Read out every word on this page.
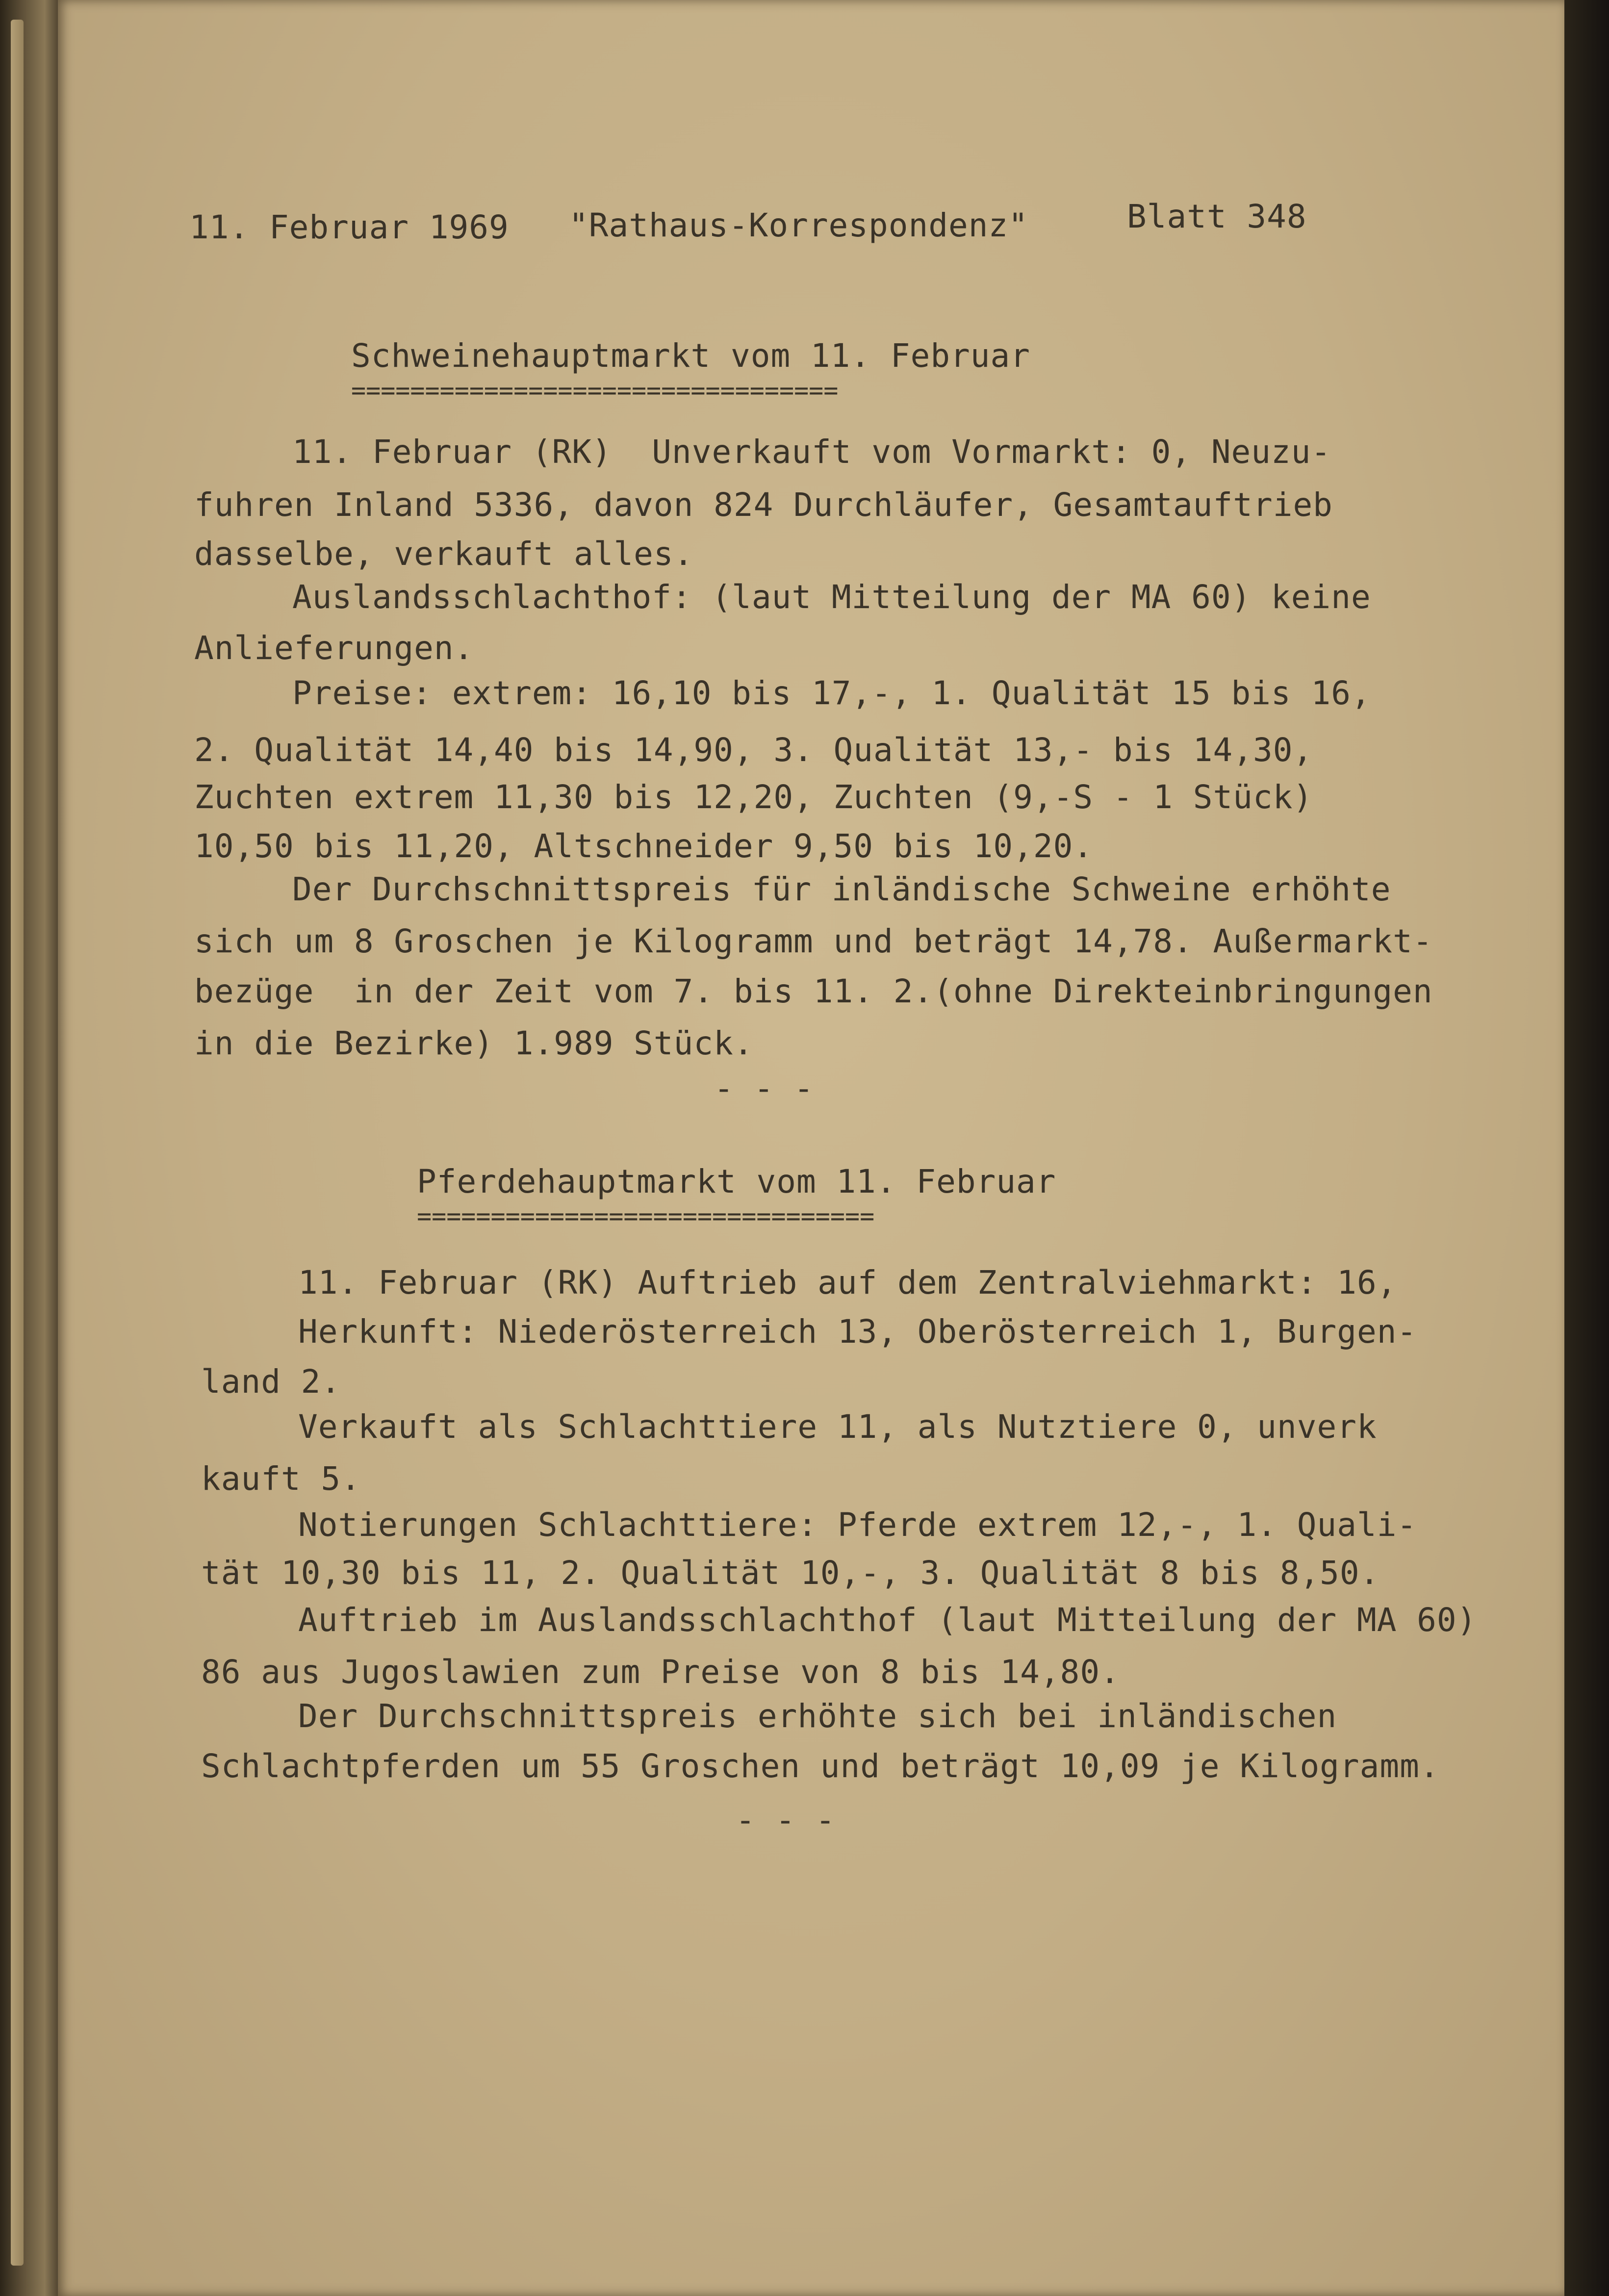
11. Februar 1969 "Rathaus-Korrespondenz"	Blatt 348

Schweinehauptmarkt vom 11. Februar

=================================

11. Februar (RK)  Unverkauft vom Vormarkt: 0, Neuzu-

fuhren Inland 5336, davon 824 Durchläufer, Gesamtauftrieb

dasselbe, verkauft alles.

Auslandsschlachthof: (laut Mitteilung der MA 60) keine

Anlieferungen.

Preise: extrem: 16,10 bis 17,-, 1. Qualität 15 bis 16,

2. Qualität 14,40 bis 14,90, 3. Qualität 13,- bis 14,30,

Zuchten extrem 11,30 bis 12,20, Zuchten (9,-S - 1 Stück)

10,50 bis 11,20, Altschneider 9,50 bis 10,20.

Der Durchschnittspreis für inländische Schweine erhöhte

sich um 8 Groschen je Kilogramm und beträgt 14,78. Außermarkt-

bezüge  in der Zeit vom 7. bis 11. 2.(ohne Direkteinbringungen

in die Bezirke) 1.989 Stück.

- - -

Pferdehauptmarkt vom 11. Februar

===============================

11. Februar (RK) Auftrieb auf dem Zentralviehmarkt: 16,

Herkunft: Niederösterreich 13, Oberösterreich 1, Burgen-

land 2.

Verkauft als Schlachttiere 11, als Nutztiere 0, unverk

kauft 5.

Notierungen Schlachttiere: Pferde extrem 12,-, 1. Quali-

tät 10,30 bis 11, 2. Qualität 10,-, 3. Qualität 8 bis 8,50.

Auftrieb im Auslandsschlachthof (laut Mitteilung der MA 60)

86 aus Jugoslawien zum Preise von 8 bis 14,80.

Der Durchschnittspreis erhöhte sich bei inländischen

Schlachtpferden um 55 Groschen und beträgt 10,09 je Kilogramm.

- - -
